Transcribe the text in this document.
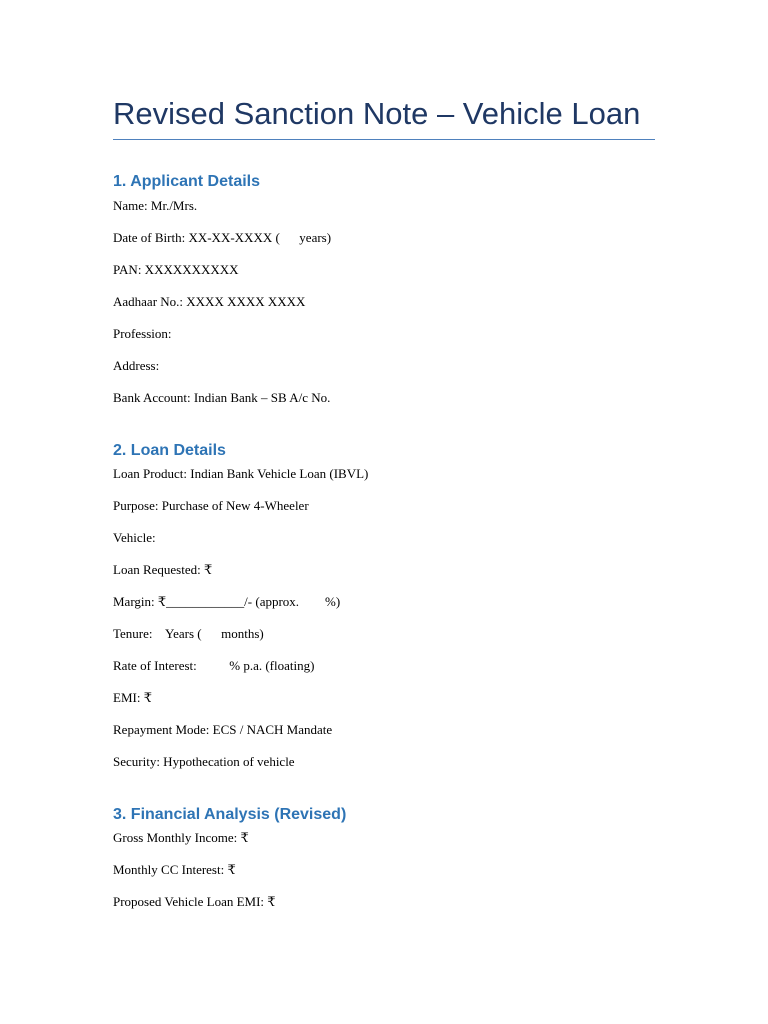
Revised Sanction Note – Vehicle Loan
1. Applicant Details
Name: Mr./Mrs.
Date of Birth: XX-XX-XXXX (      years)
PAN: XXXXXXXXXX
Aadhaar No.: XXXX XXXX XXXX
Profession:
Address:
Bank Account: Indian Bank – SB A/c No.
2. Loan Details
Loan Product: Indian Bank Vehicle Loan (IBVL)
Purpose: Purchase of New 4-Wheeler
Vehicle:
Loan Requested: ₹
Margin: ₹____________/- (approx.        %)
Tenure:    Years (      months)
Rate of Interest:          % p.a. (floating)
EMI: ₹
Repayment Mode: ECS / NACH Mandate
Security: Hypothecation of vehicle
3. Financial Analysis (Revised)
Gross Monthly Income: ₹
Monthly CC Interest: ₹
Proposed Vehicle Loan EMI: ₹
